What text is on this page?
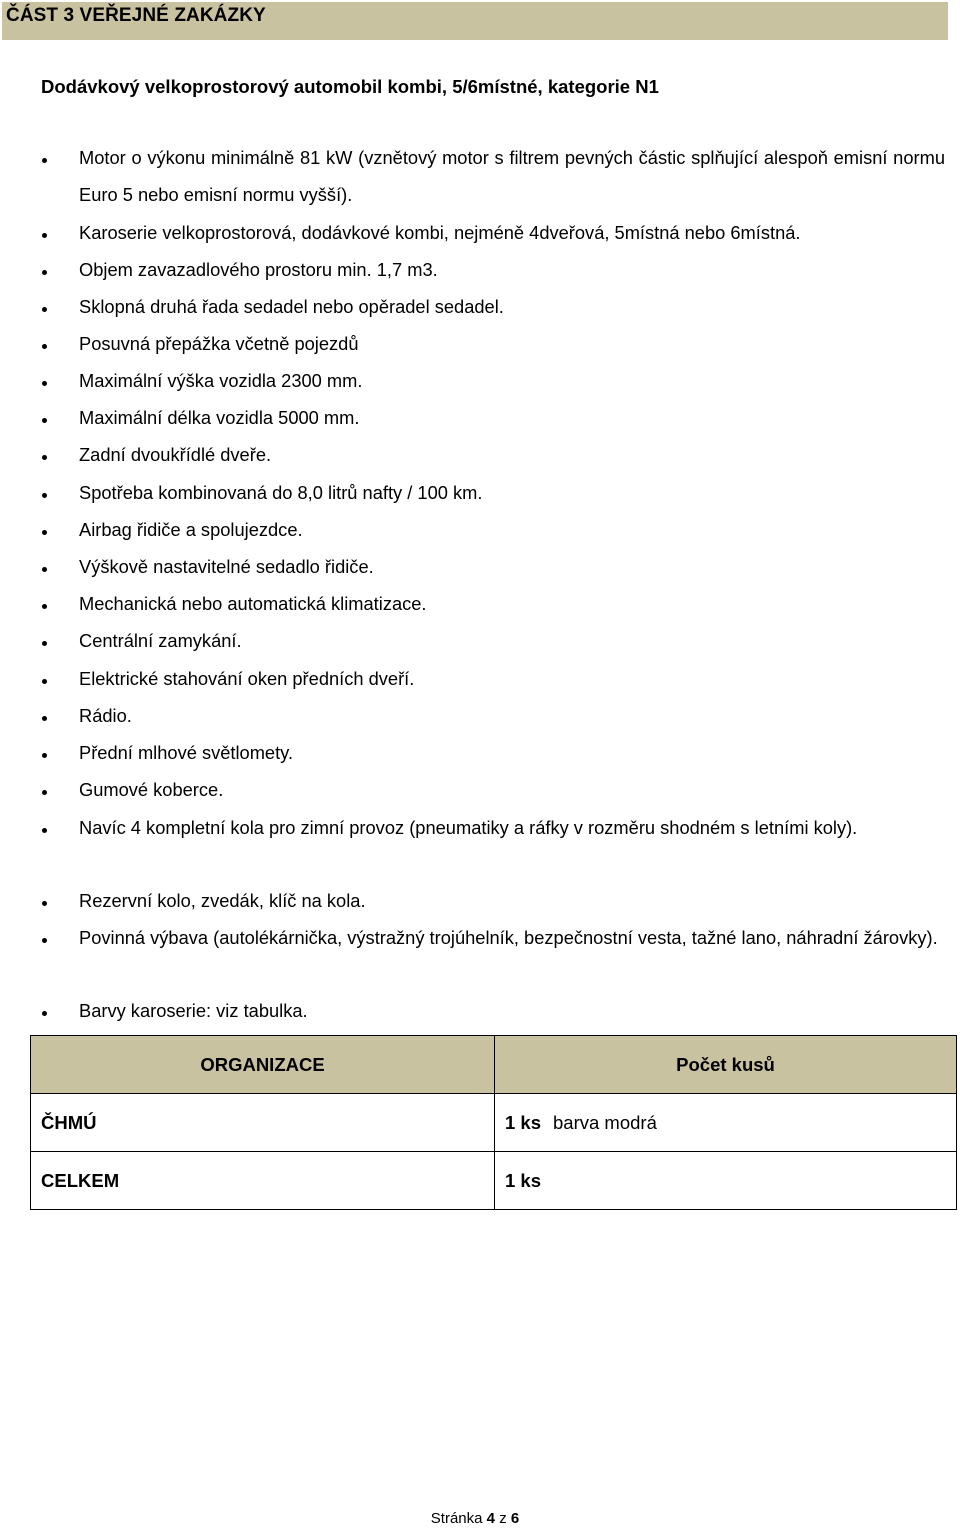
ČÁST 3 VEŘEJNÉ ZAKÁZKY
Dodávkový velkoprostorový automobil kombi, 5/6místné, kategorie N1
Motor o výkonu minimálně 81 kW (vznětový motor s filtrem pevných částic splňující alespoň emisní normu Euro 5 nebo emisní normu vyšší).
Karoserie velkoprostorová, dodávkové kombi, nejméně 4dveřová, 5místná nebo 6místná.
Objem zavazadlového prostoru min. 1,7 m3.
Sklopná druhá řada sedadel nebo opěradel sedadel.
Posuvná přepážka včetně pojezdů
Maximální výška vozidla 2300 mm.
Maximální délka vozidla 5000 mm.
Zadní dvoukřídlé dveře.
Spotřeba kombinovaná do 8,0 litrů nafty / 100 km.
Airbag řidiče a spolujezdce.
Výškově nastavitelné sedadlo řidiče.
Mechanická nebo automatická klimatizace.
Centrální zamykání.
Elektrické stahování oken předních dveří.
Rádio.
Přední mlhové světlomety.
Gumové koberce.
Navíc 4 kompletní kola pro zimní provoz (pneumatiky a ráfky v rozměru shodném s letními koly).
Rezervní kolo, zvedák, klíč na kola.
Povinná výbava (autolékárnička, výstražný trojúhelník, bezpečnostní vesta, tažné lano, náhradní žárovky).
Barvy karoserie: viz tabulka.
ORGANIZACE	Počet kusů
ČHMÚ	1 ks barva modrá
CELKEM	1 ks
Stránka 4 z 6
